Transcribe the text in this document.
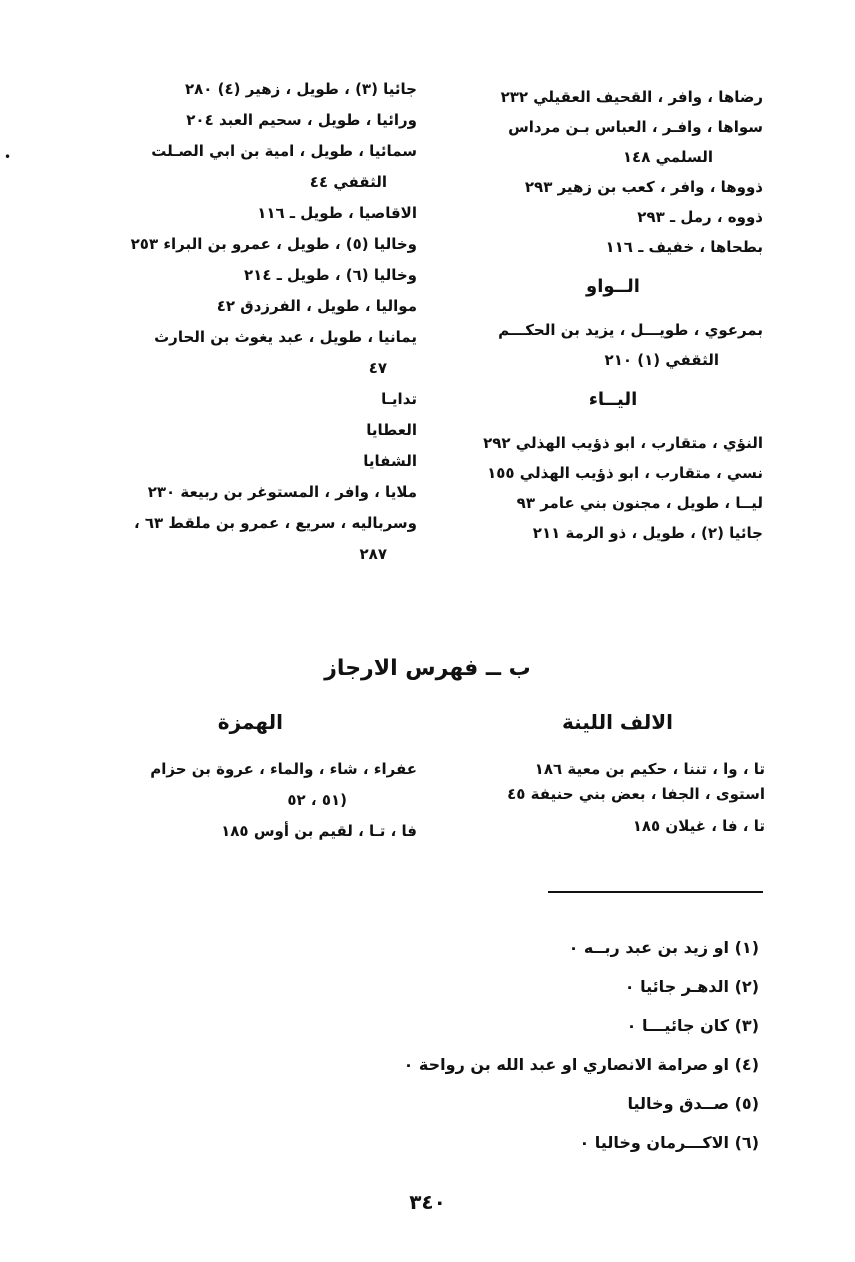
•
رضاها ، وافر ، القحيف العقيلي ٢٣٢
سواها ، وافـر ، العباس بـن مرداس
السلمي ١٤٨
ذووها ، وافر ، كعب بن زهير ٢٩٣
ذووه ، رمل ـ ٢٩٣
بطحاها ، خفيف ـ ١١٦
الــواو
بمرعوي ، طويـــل ، يزيد بن الحكـــم
الثقفي (١) ٢١٠
اليــاء
النؤي ، متقارب ، ابو ذؤيب الهذلي ٢٩٢
نسي ، متقارب ، ابو ذؤيب الهذلي ١٥٥
ليــا ، طويل ، مجنون بني عامر ٩٣
جائيا (٢) ، طويل ، ذو الرمة ٢١١
جائيا (٣) ، طويل ، زهير (٤) ٢٨٠
ورائيا ، طويل ، سحيم العبد ٢٠٤
سمائيا ، طويل ، امية بن ابي الصـلت
الثقفي ٤٤
الاقاصيا ، طويل ـ ١١٦
وخاليا (٥) ، طويل ، عمرو بن البراء ٢٥٣
وخاليا (٦) ، طويل ـ ٢١٤
مواليا ، طويل ، الفرزدق ٤٢
يمانيا ، طويل ، عبد يغوث بن الحارث
٤٧
تدايـا
العطايا
الشفايا
ملايا ، وافر ، المستوغر بن ربيعة ٢٣٠
وسرباليه ، سريع ، عمرو بن ملقط ٦٣ ،
٢٨٧
ب ــ فهرس الارجاز
الالف اللينة
الهمزة
تا ، وا ، تننا ، حكيم بن معية ١٨٦
استوى ، الجفا ، بعض بني حنيفة ٤٥
تا ، فا ، غيلان ١٨٥
عفراء ، شاء ، والماء ، عروة بن حزام
(٥١ ، ٥٢
فا ، تـا ، لقيم بن أوس ١٨٥
(١) او زيد بن عبد ربــه ٠
(٢) الدهـر جائيا ٠
(٣) كان جائيـــا ٠
(٤) او صرامة الانصاري او عبد الله بن رواحة ٠
(٥) صــدق وخاليا
(٦) الاكـــرمان وخاليا ٠
٣٤٠
